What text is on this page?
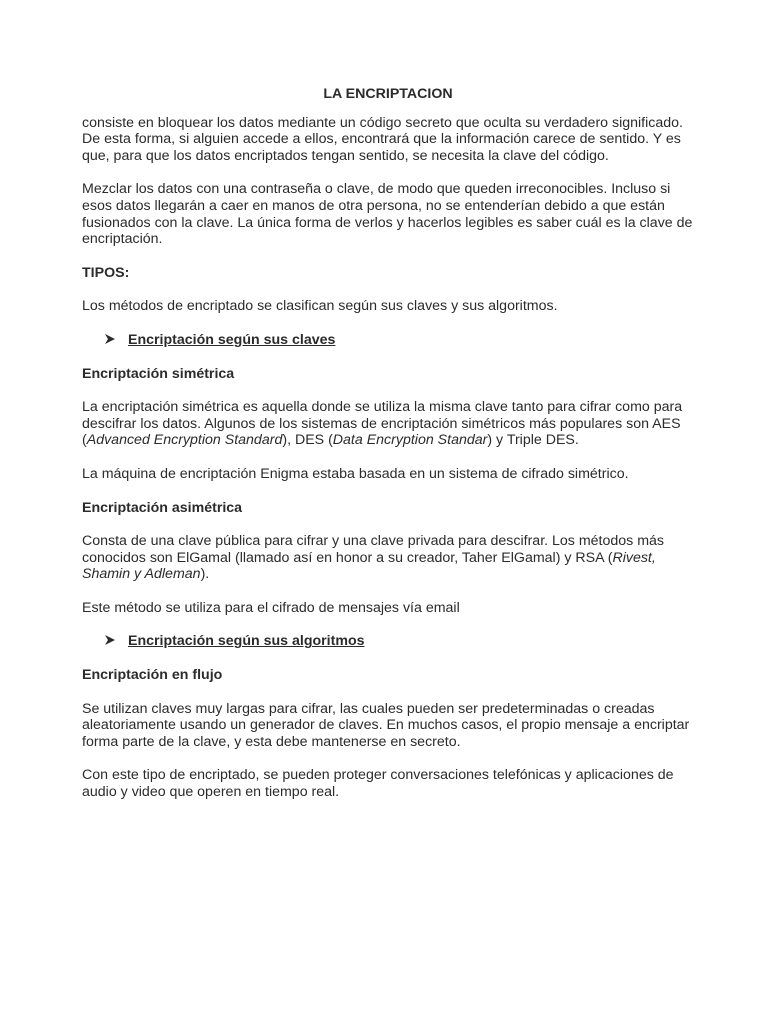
LA ENCRIPTACION

consiste en bloquear los datos mediante un código secreto que oculta su verdadero significado. De esta forma, si alguien accede a ellos, encontrará que la información carece de sentido. Y es que, para que los datos encriptados tengan sentido, se necesita la clave del código.

Mezclar los datos con una contraseña o clave, de modo que queden irreconocibles. Incluso si esos datos llegarán a caer en manos de otra persona, no se entenderían debido a que están fusionados con la clave. La única forma de verlos y hacerlos legibles es saber cuál es la clave de encriptación.

TIPOS:

Los métodos de encriptado se clasifican según sus claves y sus algoritmos.

Encriptación según sus claves
Encriptación simétrica

La encriptación simétrica es aquella donde se utiliza la misma clave tanto para cifrar como para descifrar los datos. Algunos de los sistemas de encriptación simétricos más populares son AES (Advanced Encryption Standard), DES (Data Encryption Standar) y Triple DES.

La máquina de encriptación Enigma estaba basada en un sistema de cifrado simétrico.

Encriptación asimétrica

Consta de una clave pública para cifrar y una clave privada para descifrar. Los métodos más conocidos son ElGamal (llamado así en honor a su creador, Taher ElGamal) y RSA (Rivest, Shamin y Adleman).

Este método se utiliza para el cifrado de mensajes vía email

Encriptación según sus algoritmos
Encriptación en flujo

Se utilizan claves muy largas para cifrar, las cuales pueden ser predeterminadas o creadas aleatoriamente usando un generador de claves. En muchos casos, el propio mensaje a encriptar forma parte de la clave, y esta debe mantenerse en secreto.

Con este tipo de encriptado, se pueden proteger conversaciones telefónicas y aplicaciones de audio y video que operen en tiempo real.
